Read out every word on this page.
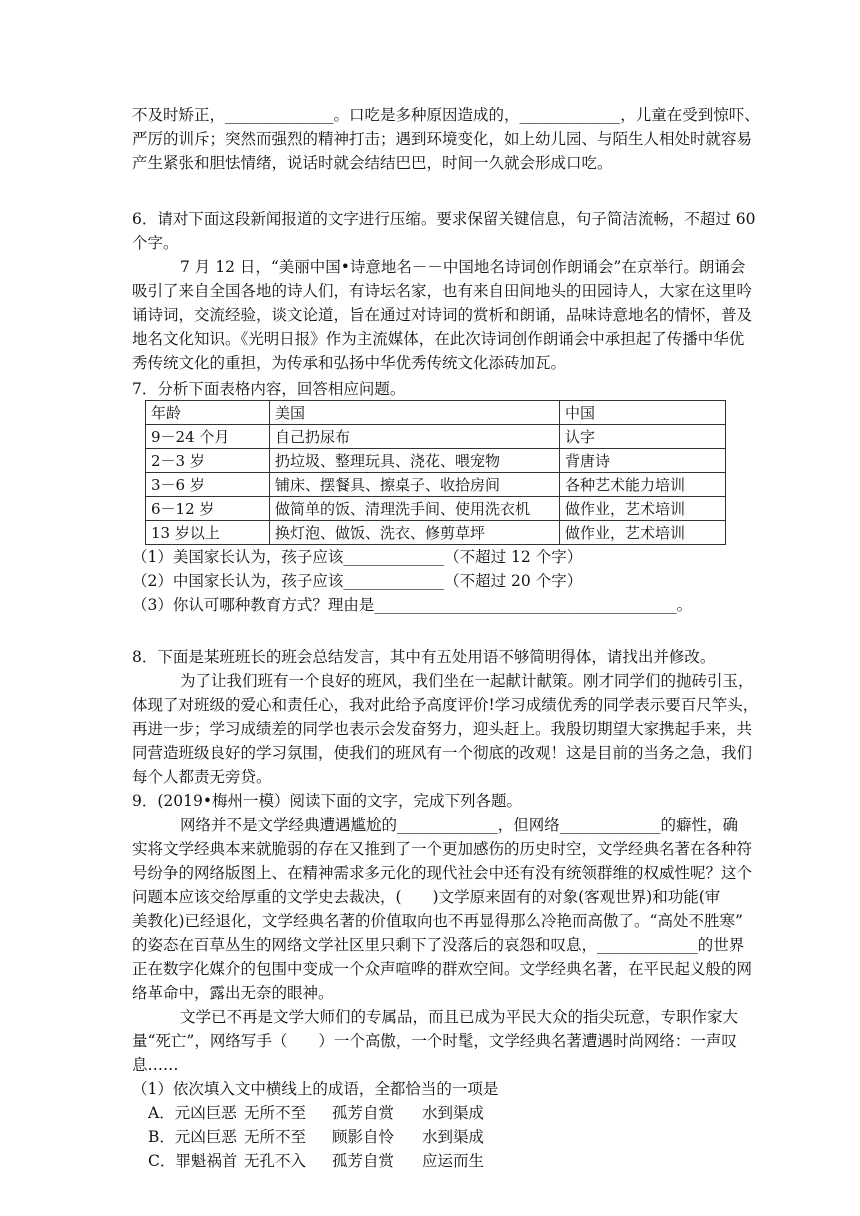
不及时矫正，______________。口吃是多种原因造成的，_____________，儿童在受到惊吓、
严厉的训斥；突然而强烈的精神打击；遇到环境变化，如上幼儿园、与陌生人相处时就容易
产生紧张和胆怯情绪，说话时就会结结巴巴，时间一久就会形成口吃。
6．请对下面这段新闻报道的文字进行压缩。要求保留关键信息，句子简洁流畅，不超过 60
个字。
7 月 12 日，“美丽中国•诗意地名－－中国地名诗词创作朗诵会”在京举行。朗诵会
吸引了来自全国各地的诗人们，有诗坛名家，也有来自田间地头的田园诗人，大家在这里吟
诵诗词，交流经验，谈文论道，旨在通过对诗词的赏析和朗诵，品味诗意地名的情怀，普及
地名文化知识。《光明日报》作为主流媒体，在此次诗词创作朗诵会中承担起了传播中华优
秀传统文化的重担，为传承和弘扬中华优秀传统文化添砖加瓦。
7．分析下面表格内容，回答相应问题。
（1）美国家长认为，孩子应该_____________（不超过 12 个字）
（2）中国家长认为，孩子应该_____________（不超过 20 个字）
（3）你认可哪种教育方式？理由是_______________________________________。
8．下面是某班班长的班会总结发言，其中有五处用语不够简明得体，请找出并修改。
为了让我们班有一个良好的班风，我们坐在一起献计献策。刚才同学们的抛砖引玉，
体现了对班级的爱心和责任心，我对此给予高度评价!学习成绩优秀的同学表示要百尺竿头，
再进一步；学习成绩差的同学也表示会发奋努力，迎头赶上。我殷切期望大家携起手来，共
同营造班级良好的学习氛围，使我们的班风有一个彻底的改观！这是目前的当务之急，我们
每个人都责无旁贷。
9．(2019•梅州一模）阅读下面的文字，完成下列各题。
网络并不是文学经典遭遇尴尬的_____________，但网络_____________的癖性，确
实将文学经典本来就脆弱的存在又推到了一个更加感伤的历史时空，文学经典名著在各种符
号纷争的网络版图上、在精神需求多元化的现代社会中还有没有统领群维的权威性呢？这个
问题本应该交给厚重的文学史去裁决，(　　)文学原来固有的对象(客观世界)和功能(审
美教化)已经退化，文学经典名著的价值取向也不再显得那么冷艳而高傲了。“高处不胜寒”
的姿态在百草丛生的网络文学社区里只剩下了没落后的哀怨和叹息，_____________的世界
正在数字化媒介的包围中变成一个众声喧哗的群欢空间。文学经典名著，在平民起义般的网
络革命中，露出无奈的眼神。
文学已不再是文学大师们的专属品，而且已成为平民大众的指尖玩意，专职作家大
量“死亡”，网络写手（　　）一个高傲，一个时髦，文学经典名著遭遇时尚网络：一声叹
息……
（1）依次填入文中横线上的成语，全都恰当的一项是
年龄	美国	中国
9－24 个月	自己扔尿布	认字
2－3 岁	扔垃圾、整理玩具、浇花、喂宠物	背唐诗
3－6 岁	铺床、摆餐具、擦桌子、收拾房间	各种艺术能力培训
6－12 岁	做简单的饭、清理洗手间、使用洗衣机	做作业，艺术培训
13 岁以上	换灯泡、做饭、洗衣、修剪草坪	做作业，艺术培训
A．元凶巨恶 无所不至 孤芳自赏 水到渠成
B．元凶巨恶 无所不至 顾影自怜 水到渠成
C．罪魁祸首 无孔不入 孤芳自赏 应运而生
